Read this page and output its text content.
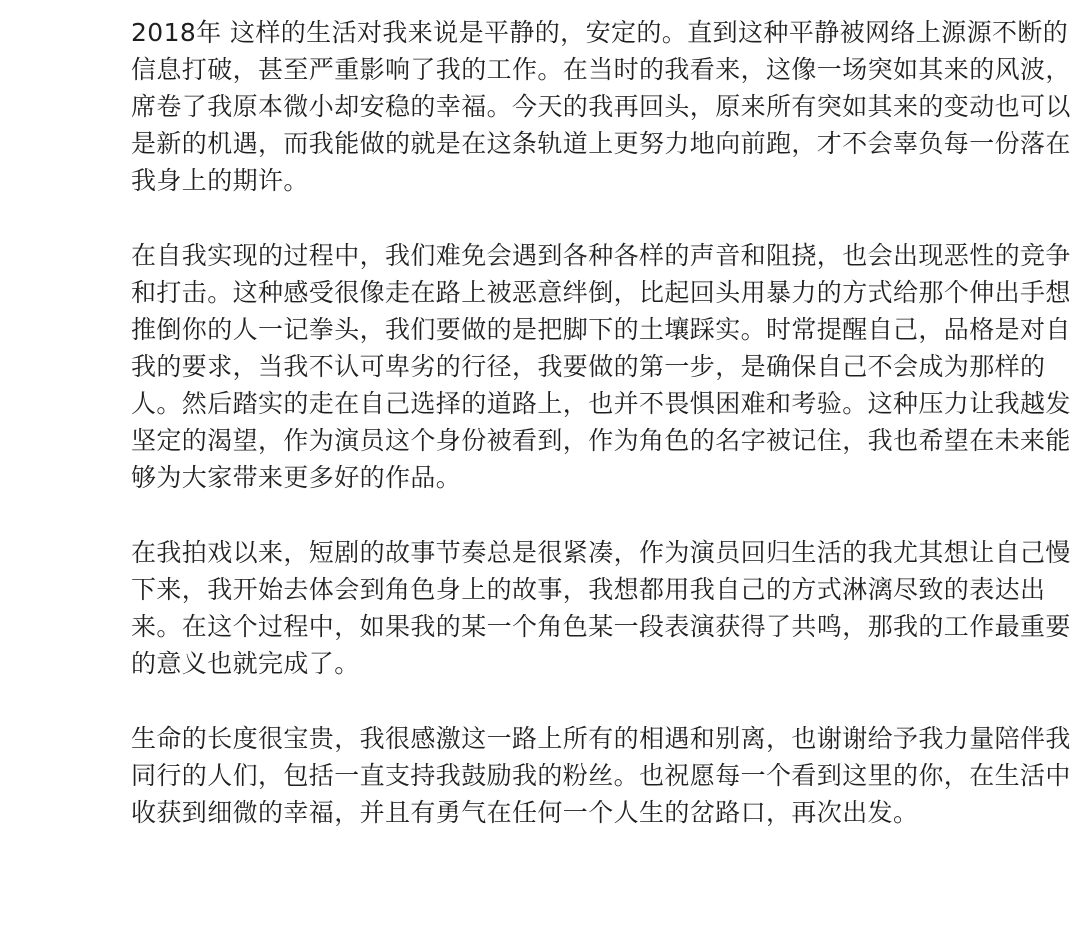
2018年 这样的生活对我来说是平静的，安定的。直到这种平静被网络上源源不断的信息打破，甚至严重影响了我的工作。在当时的我看来，这像一场突如其来的风波，席卷了我原本微小却安稳的幸福。今天的我再回头，原来所有突如其来的变动也可以是新的机遇，而我能做的就是在这条轨道上更努力地向前跑，才不会辜负每一份落在我身上的期许。

在自我实现的过程中，我们难免会遇到各种各样的声音和阻挠，也会出现恶性的竞争和打击。这种感受很像走在路上被恶意绊倒，比起回头用暴力的方式给那个伸出手想推倒你的人一记拳头，我们要做的是把脚下的土壤踩实。时常提醒自己，品格是对自我的要求，当我不认可卑劣的行径，我要做的第一步，是确保自己不会成为那样的人。然后踏实的走在自己选择的道路上，也并不畏惧困难和考验。这种压力让我越发坚定的渴望，作为演员这个身份被看到，作为角色的名字被记住，我也希望在未来能够为大家带来更多好的作品。

在我拍戏以来，短剧的故事节奏总是很紧凑，作为演员回归生活的我尤其想让自己慢下来，我开始去体会到角色身上的故事，我想都用我自己的方式淋漓尽致的表达出来。在这个过程中，如果我的某一个角色某一段表演获得了共鸣，那我的工作最重要的意义也就完成了。

生命的长度很宝贵，我很感激这一路上所有的相遇和别离，也谢谢给予我力量陪伴我同行的人们，包括一直支持我鼓励我的粉丝。也祝愿每一个看到这里的你，在生活中收获到细微的幸福，并且有勇气在任何一个人生的岔路口，再次出发。
